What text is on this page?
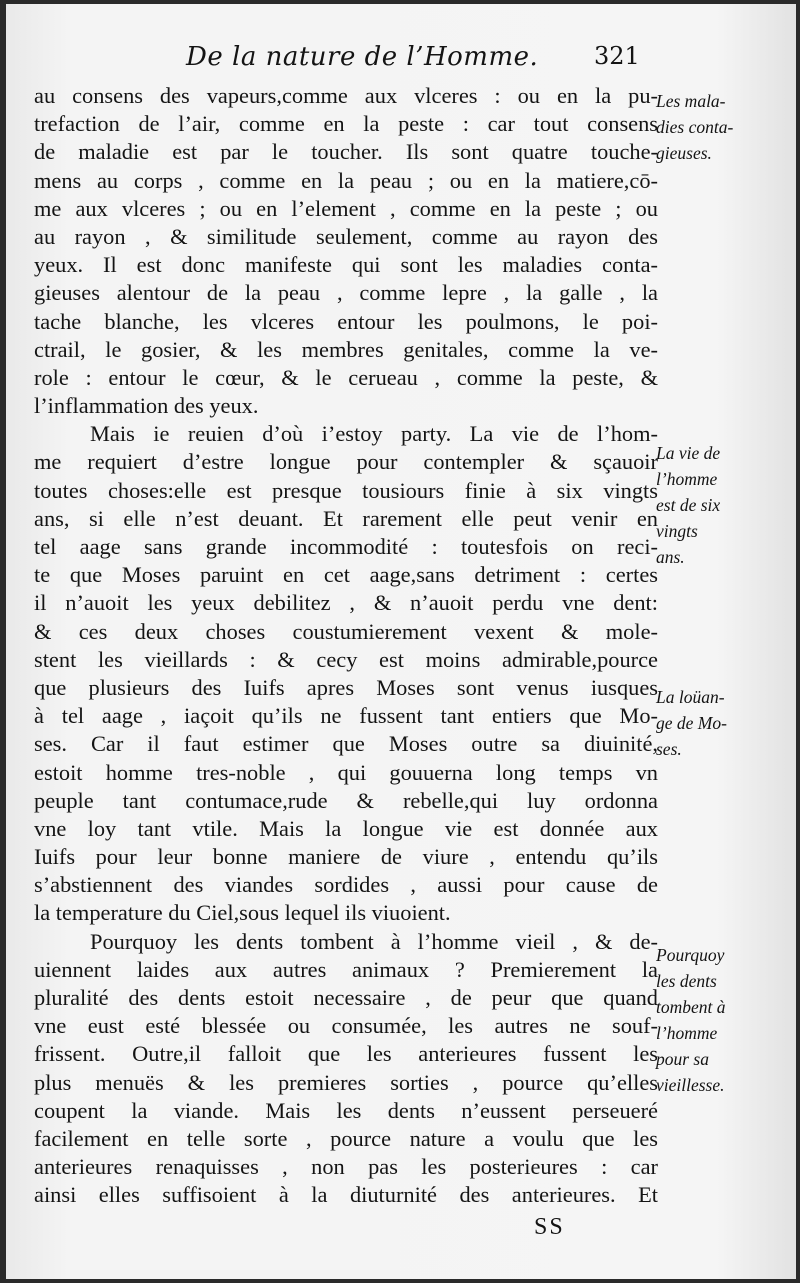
De la nature de l’Homme. 321
au consens des vapeurs,comme aux vlceres : ou en la pu-
trefaction de l’air, comme en la peste : car tout consens
de maladie est par le toucher. Ils sont quatre touche-
mens au corps , comme en la peau ; ou en la matiere,cō-
me aux vlceres ; ou en l’element , comme en la peste ; ou
au rayon , & similitude seulement, comme au rayon des
yeux. Il est donc manifeste qui sont les maladies conta-
gieuses alentour de la peau , comme lepre , la galle , la
tache blanche, les vlceres entour les poulmons, le poi-
ctrail, le gosier, & les membres genitales, comme la ve-
role : entour le cœur, & le cerueau , comme la peste, &
l’inflammation des yeux.
Mais ie reuien d’où i’estoy party. La vie de l’hom-
me requiert d’estre longue pour contempler & sçauoir
toutes choses:elle est presque tousiours finie à six vingts
ans, si elle n’est deuant. Et rarement elle peut venir en
tel aage sans grande incommodité : toutesfois on reci-
te que Moses paruint en cet aage,sans detriment : certes
il n’auoit les yeux debilitez , & n’auoit perdu vne dent:
& ces deux choses coustumierement vexent & mole-
stent les vieillards : & cecy est moins admirable,pource
que plusieurs des Iuifs apres Moses sont venus iusques
à tel aage , iaçoit qu’ils ne fussent tant entiers que Mo-
ses. Car il faut estimer que Moses outre sa diuinité,
estoit homme tres-noble , qui gouuerna long temps vn
peuple tant contumace,rude & rebelle,qui luy ordonna
vne loy tant vtile. Mais la longue vie est donnée aux
Iuifs pour leur bonne maniere de viure , entendu qu’ils
s’abstiennent des viandes sordides , aussi pour cause de
la temperature du Ciel,sous lequel ils viuoient.
Pourquoy les dents tombent à l’homme vieil , & de-
uiennent laides aux autres animaux ? Premierement la
pluralité des dents estoit necessaire , de peur que quand
vne eust esté blessée ou consumée, les autres ne souf-
frissent. Outre,il falloit que les anterieures fussent les
plus menuës & les premieres sorties , pource qu’elles
coupent la viande. Mais les dents n’eussent perseueré
facilement en telle sorte , pource nature a voulu que les
anterieures renaquisses , non pas les posterieures : car
ainsi elles suffisoient à la diuturnité des anterieures. Et
Les mala-
dies conta-
gieuses.
La vie de
l’homme
est de six
vingts
ans.
La loüan-
ge de Mo-
ses.
Pourquoy
les dents
tombent à
l’homme
pour sa
vieillesse.
SS
